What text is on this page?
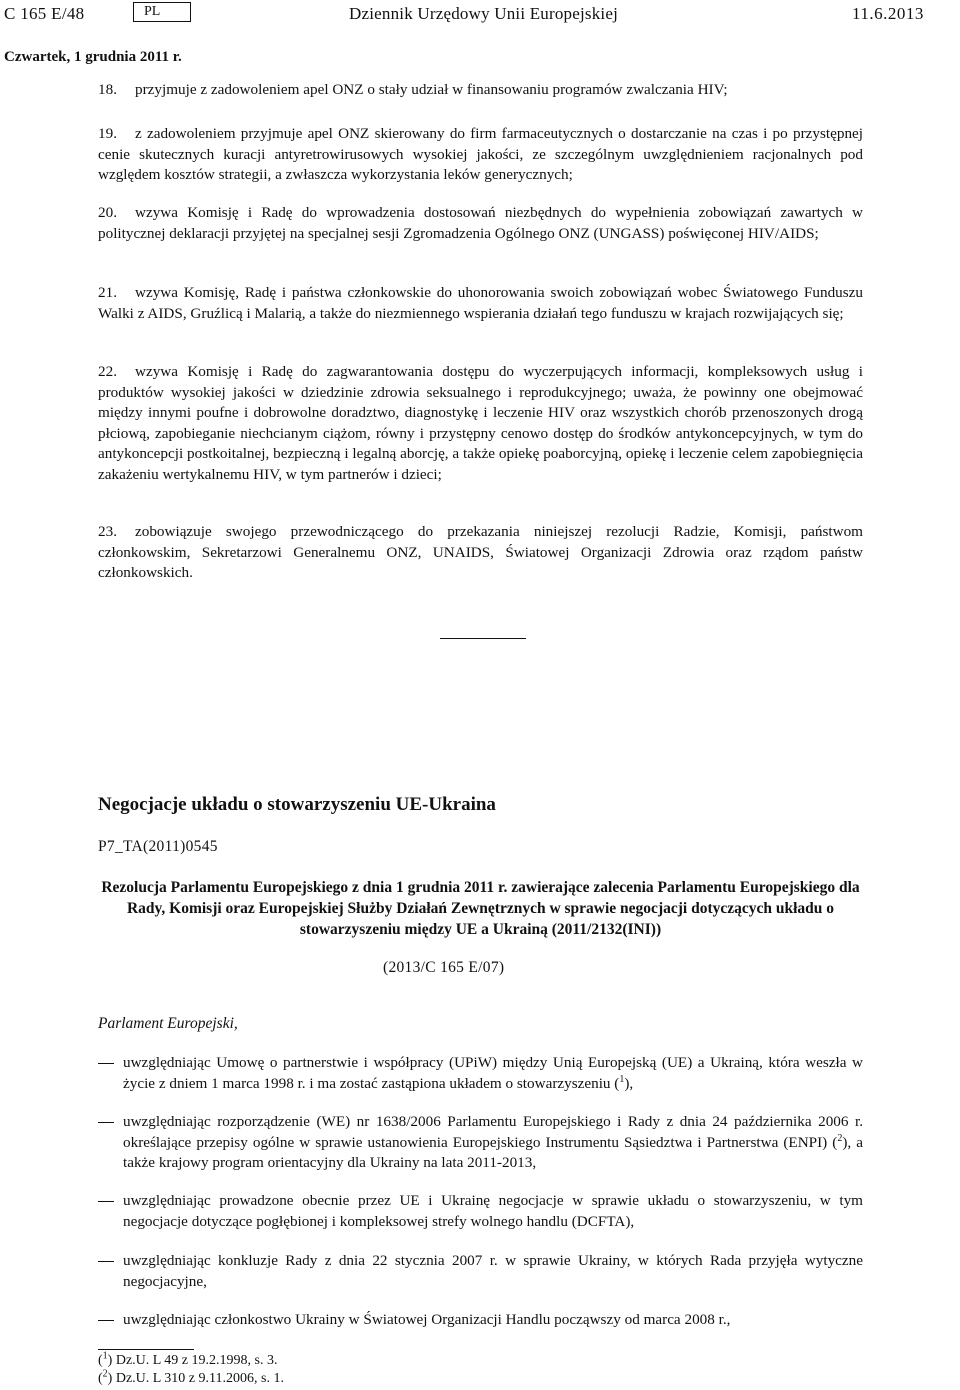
C 165 E/48	PL	Dziennik Urzędowy Unii Europejskiej	11.6.2013
Czwartek, 1 grudnia 2011 r.
18. przyjmuje z zadowoleniem apel ONZ o stały udział w finansowaniu programów zwalczania HIV;
19. z zadowoleniem przyjmuje apel ONZ skierowany do firm farmaceutycznych o dostarczanie na czas i po przystępnej cenie skutecznych kuracji antyretrowirusowych wysokiej jakości, ze szczególnym uwzględnieniem racjonalnych pod względem kosztów strategii, a zwłaszcza wykorzystania leków generycznych;
20. wzywa Komisję i Radę do wprowadzenia dostosowań niezbędnych do wypełnienia zobowiązań zawartych w politycznej deklaracji przyjętej na specjalnej sesji Zgromadzenia Ogólnego ONZ (UNGASS) poświęconej HIV/AIDS;
21. wzywa Komisję, Radę i państwa członkowskie do uhonorowania swoich zobowiązań wobec Światowego Funduszu Walki z AIDS, Gruźlicą i Malarią, a także do niezmiennego wspierania działań tego funduszu w krajach rozwijających się;
22. wzywa Komisję i Radę do zagwarantowania dostępu do wyczerpujących informacji, kompleksowych usług i produktów wysokiej jakości w dziedzinie zdrowia seksualnego i reprodukcyjnego; uważa, że powinny one obejmować między innymi poufne i dobrowolne doradztwo, diagnostykę i leczenie HIV oraz wszystkich chorób przenoszonych drogą płciową, zapobieganie niechcianym ciążom, równy i przystępny cenowo dostęp do środków antykoncepcyjnych, w tym do antykoncepcji postkoitalnej, bezpieczną i legalną aborcję, a także opiekę poaborcyjną, opiekę i leczenie celem zapobiegnięcia zakażeniu wertykalnemu HIV, w tym partnerów i dzieci;
23. zobowiązuje swojego przewodniczącego do przekazania niniejszej rezolucji Radzie, Komisji, państwom członkowskim, Sekretarzowi Generalnemu ONZ, UNAIDS, Światowej Organizacji Zdrowia oraz rządom państw członkowskich.
Negocjacje układu o stowarzyszeniu UE-Ukraina
P7_TA(2011)0545
Rezolucja Parlamentu Europejskiego z dnia 1 grudnia 2011 r. zawierające zalecenia Parlamentu Europejskiego dla Rady, Komisji oraz Europejskiej Służby Działań Zewnętrznych w sprawie negocjacji dotyczących układu o stowarzyszeniu między UE a Ukrainą (2011/2132(INI))
(2013/C 165 E/07)
Parlament Europejski,
uwzględniając Umowę o partnerstwie i współpracy (UPiW) między Unią Europejską (UE) a Ukrainą, która weszła w życie z dniem 1 marca 1998 r. i ma zostać zastąpiona układem o stowarzyszeniu ($^1$),
uwzględniając rozporządzenie (WE) nr 1638/2006 Parlamentu Europejskiego i Rady z dnia 24 października 2006 r. określające przepisy ogólne w sprawie ustanowienia Europejskiego Instrumentu Sąsiedztwa i Partnerstwa (ENPI) ($^2$), a także krajowy program orientacyjny dla Ukrainy na lata 2011-2013,
uwzględniając prowadzone obecnie przez UE i Ukrainę negocjacje w sprawie układu o stowarzyszeniu, w tym negocjacje dotyczące pogłębionej i kompleksowej strefy wolnego handlu (DCFTA),
uwzględniając konkluzje Rady z dnia 22 stycznia 2007 r. w sprawie Ukrainy, w których Rada przyjęła wytyczne negocjacyjne,
uwzględniając członkostwo Ukrainy w Światowej Organizacji Handlu począwszy od marca 2008 r.,
($^1$) Dz.U. L 49 z 19.2.1998, s. 3.
($^2$) Dz.U. L 310 z 9.11.2006, s. 1.
